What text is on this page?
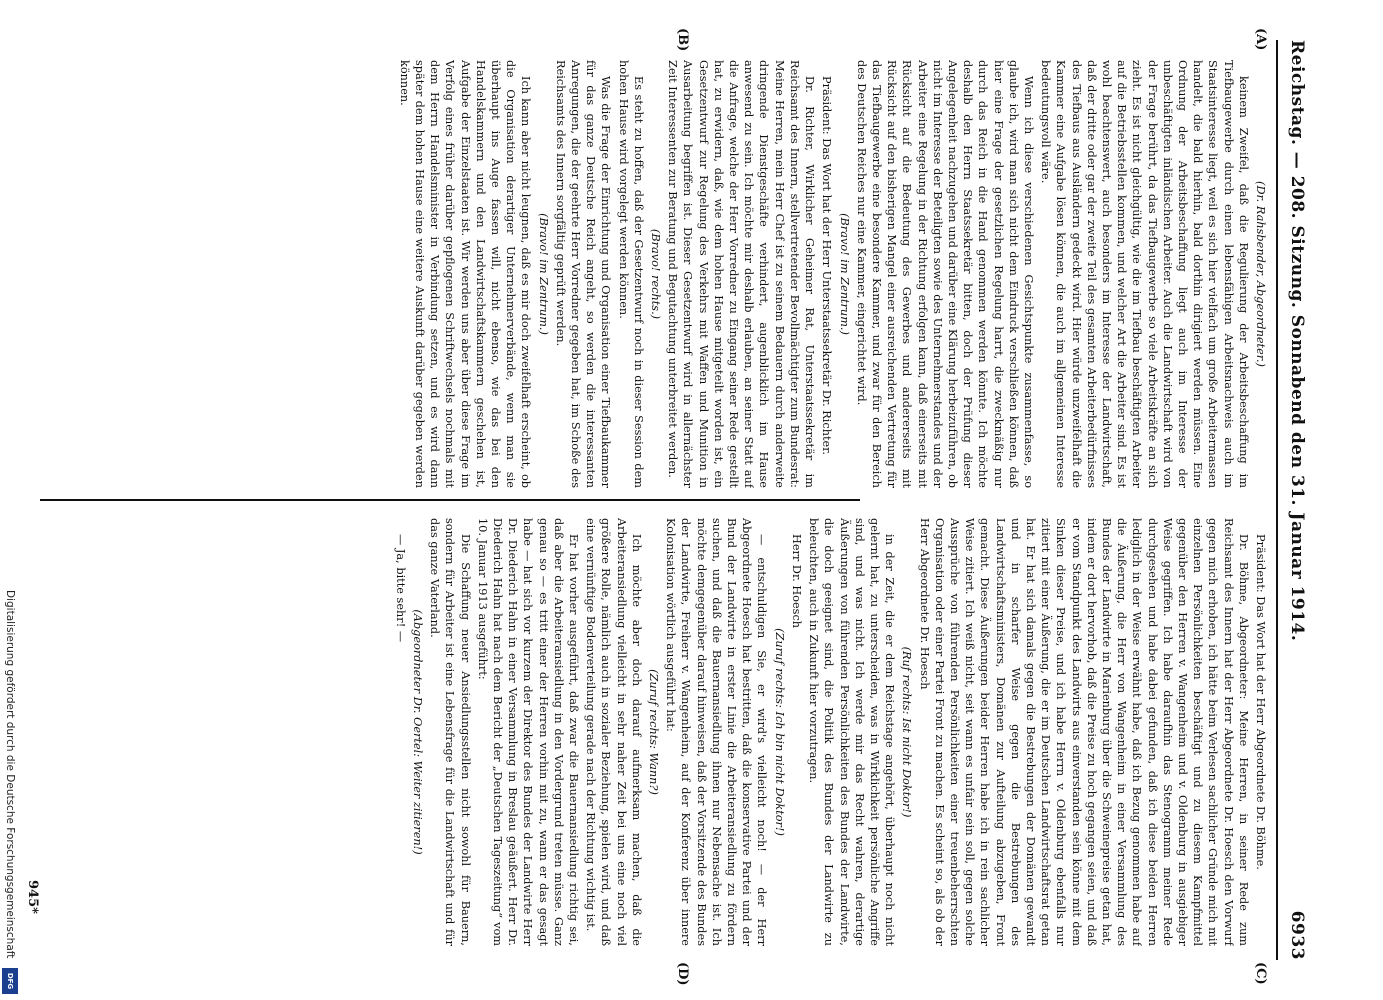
Reichstag. — 208. Sitzung. Sonnabend den 31. Januar 1914.
6933
(A)
(B)
(C)
(D)

(Dr. Rahsbender, Abgeordneter.)

keinem Zweifel, daß die Regulierung der Arbeitsbeschaffung im Tiefbaugewerbe durch einen lebensfähigen Arbeitsnachweis auch im Staatsinteresse liegt, weil es sich hier vielfach um große Arbeitermassen handelt, die bald hierhin, bald dorthin dirigiert werden müssen. Eine Ordnung der Arbeitsbeschaffung liegt auch im Interesse der unbeschäftigten inländischen Arbeiter. Auch die Landwirtschaft wird von der Frage berührt, da das Tiefbaugewerbe so viele Arbeitskräfte an sich zieht. Es ist nicht gleichgültig, wie die im Tiefbau beschäftigten Arbeiter auf die Betriebsstellen kommen, und welcher Art die Arbeiter sind. Es ist wohl beachtenswert, auch besonders im Interesse der Landwirtschaft, daß der dritte oder gar der zweite Teil des gesamten Arbeiterbedürfnisses des Tiefbaus aus Ausländern gedeckt wird. Hier würde unzweifelhaft die Kammer eine Aufgabe lösen können, die auch im allgemeinen Interesse bedeutungsvoll wäre.

Wenn ich diese verschiedenen Gesichtspunkte zusammenfasse, so glaube ich, wird man sich nicht dem Eindruck verschließen können, daß hier eine Frage der gesetzlichen Regelung harrt, die zweckmäßig nur durch das Reich in die Hand genommen werden könnte. Ich möchte deshalb den Herrn Staatssekretär bitten, doch der Prüfung dieser Angelegenheit nachzugehen und darüber eine Klärung herbeizuführen, ob nicht im Interesse der Beteiligten sowie des Unternehmerstandes und der Arbeiter eine Regelung in der Richtung erfolgen kann, daß einerseits mit Rücksicht auf die Bedeutung des Gewerbes und andererseits mit Rücksicht auf den bisherigen Mangel einer ausreichenden Vertretung für das Tiefbaugewerbe eine besondere Kammer, und zwar für den Bereich des Deutschen Reiches nur eine Kammer, eingerichtet wird.

(Bravo! im Zentrum.)

Präsident: Das Wort hat der Herr Unterstaatssekretär Dr. Richter.

Dr. Richter, Wirklicher Geheimer Rat, Unterstaatssekretär im Reichsamt des Innern, stellvertretender Bevollmächtigter zum Bundesrat: Meine Herren, mein Herr Chef ist zu seinem Bedauern durch anderweite dringende Dienstgeschäfte verhindert, augenblicklich im Hause anwesend zu sein. Ich möchte mir deshalb erlauben, an seiner Statt auf die Anfrage, welche der Herr Vorredner zu Eingang seiner Rede gestellt hat, zu erwidern, daß, wie dem hohen Hause mitgeteilt worden ist, ein Gesetzentwurf zur Regelung des Verkehrs mit Waffen und Munition in Ausarbeitung begriffen ist. Dieser Gesetzentwurf wird in allernächster Zeit Interessenten zur Beratung und Begutachtung unterbreitet werden.

(Bravo! rechts.)

Es steht zu hoffen, daß der Gesetzentwurf noch in dieser Session dem hohen Hause wird vorgelegt werden können.

Was die Frage der Einrichtung und Organisation einer Tiefbaukammer für das ganze Deutsche Reich angeht, so werden die interessanten Anregungen, die der geehrte Herr Vorredner gegeben hat, im Schoße des Reichsamts des Innern sorgfältig geprüft werden.

(Bravo! im Zentrum.)

Ich kann aber nicht leugnen, daß es mir doch zweifelhaft erscheint, ob die Organisation derartiger Unternehmerverbände, wenn man sie überhaupt ins Auge fassen will, nicht ebenso, wie das bei den Handelskammern und den Landwirtschaftskammern geschehen ist, Aufgabe der Einzelstaaten ist. Wir werden uns aber über diese Frage im Verfolg eines früher darüber gepflogenen Schriftwechsels nochmals mit dem Herrn Handelsminister in Verbindung setzen, und es wird dann später dem hohen Hause eine weitere Auskunft darüber gegeben werden können.

Präsident: Das Wort hat der Herr Abgeordnete Dr. Böhme.

Dr. Böhme, Abgeordneter: Meine Herren, in seiner Rede zum Reichsamt des Innern hat der Herr Abgeordnete Dr. Hoesch den Vorwurf gegen mich erhoben, ich hätte beim Verlesen sachlicher Gründe mich mit einzelnen Persönlichkeiten beschäftigt und zu diesem Kampfmittel gegenüber den Herren v. Wangenheim und v. Oldenburg in ausgiebiger Weise gegriffen. Ich habe daraufhin das Stenogramm meiner Rede durchgesehen und habe dabei gefunden, daß ich diese beiden Herren lediglich in der Weise erwähnt habe, daß ich Bezug genommen habe auf die Äußerung, die Herr von Wangenheim in einer Versammlung des Bundes der Landwirte in Marienburg über die Schweinepreise getan hat, indem er dort hervorhob, daß die Preise zu hoch gegangen seien, und daß er vom Standpunkt des Landwirts aus einverstanden sein könne mit dem Sinken dieser Preise, und ich habe Herrn v. Oldenburg ebenfalls nur zitiert mit einer Äußerung, die er im Deutschen Landwirtschaftsrat getan hat. Er hat sich damals gegen die Bestrebungen der Domänen gewandt und in scharfer Weise gegen die Bestrebungen des Landwirtschaftsministers, Domänen zur Aufteilung abzugeben, Front gemacht. Diese Äußerungen beider Herren habe ich in rein sachlicher Weise zitiert. Ich weiß nicht, seit wann es unfair sein soll, gegen solche Aussprüche von führenden Persönlichkeiten einer treuenbeherrschten Organisation oder einer Partei Front zu machen. Es scheint so, als ob der Herr Abgeordnete Dr. Hoesch

(Ruf rechts: Ist nicht Doktor!)

in der Zeit, die er dem Reichstage angehört, überhaupt noch nicht gelernt hat, zu unterscheiden, was in Wirklichkeit persönliche Angriffe sind, und was nicht. Ich werde mir das Recht wahren, derartige Äußerungen von führenden Persönlichkeiten des Bundes der Landwirte, die doch geeignet sind, die Politik des Bundes der Landwirte zu beleuchten, auch in Zukunft hier vorzutragen.

Herr Dr. Hoesch

(Zuruf rechts: Ich bin nicht Doktor!)

— entschuldigen Sie, er wird's vielleicht noch! — der Herr Abgeordnete Hoesch hat bestritten, daß die konservative Partei und der Bund der Landwirte in erster Linie die Arbeiteransiedlung zu fördern suchen, und daß die Bauernansiedlung ihnen nur Nebensache ist. Ich möchte demgegenüber darauf hinweisen, daß der Vorsitzende des Bundes der Landwirte, Freiherr v. Wangenheim, auf der Konferenz über innere Kolonisation wörtlich ausgeführt hat:

(Zuruf rechts: Wann?)

Ich möchte aber doch darauf aufmerksam machen, daß die Arbeiteransiedlung vielleicht in sehr naher Zeit bei uns eine noch viel größere Rolle, nämlich auch in sozialer Beziehung, spielen wird, und daß eine vernünftige Bodenverteilung gerade nach der Richtung wichtig ist.

Er hat vorher ausgeführt, daß zwar die Bauernansiedlung richtig sei, daß aber die Arbeiteransiedlung in den Vordergrund treten müsse. Ganz genau so — es tritt einer der Herren vorhin mit zu, wann er das gesagt habe — hat sich vor kurzem der Direktor des Bundes der Landwirte Herr Dr. Diederich Hahn in einer Versammlung in Breslau geäußert. Herr Dr. Diederich Hahn hat nach dem Bericht der „Deutschen Tageszeitung“ vom 10. Januar 1913 ausgeführt:

Die Schaffung neuer Ansiedlungsstellen nicht sowohl für Bauern, sondern für Arbeiter ist eine Lebensfrage für die Landwirtschaft und für das ganze Vaterland.

(Abgeordneter Dr. Oertel: Weiter zitieren!)

— Ja, bitte sehr! —

945*
Digitalisierung gefördert durch die Deutsche Forschungsgemeinschaft
DFG
